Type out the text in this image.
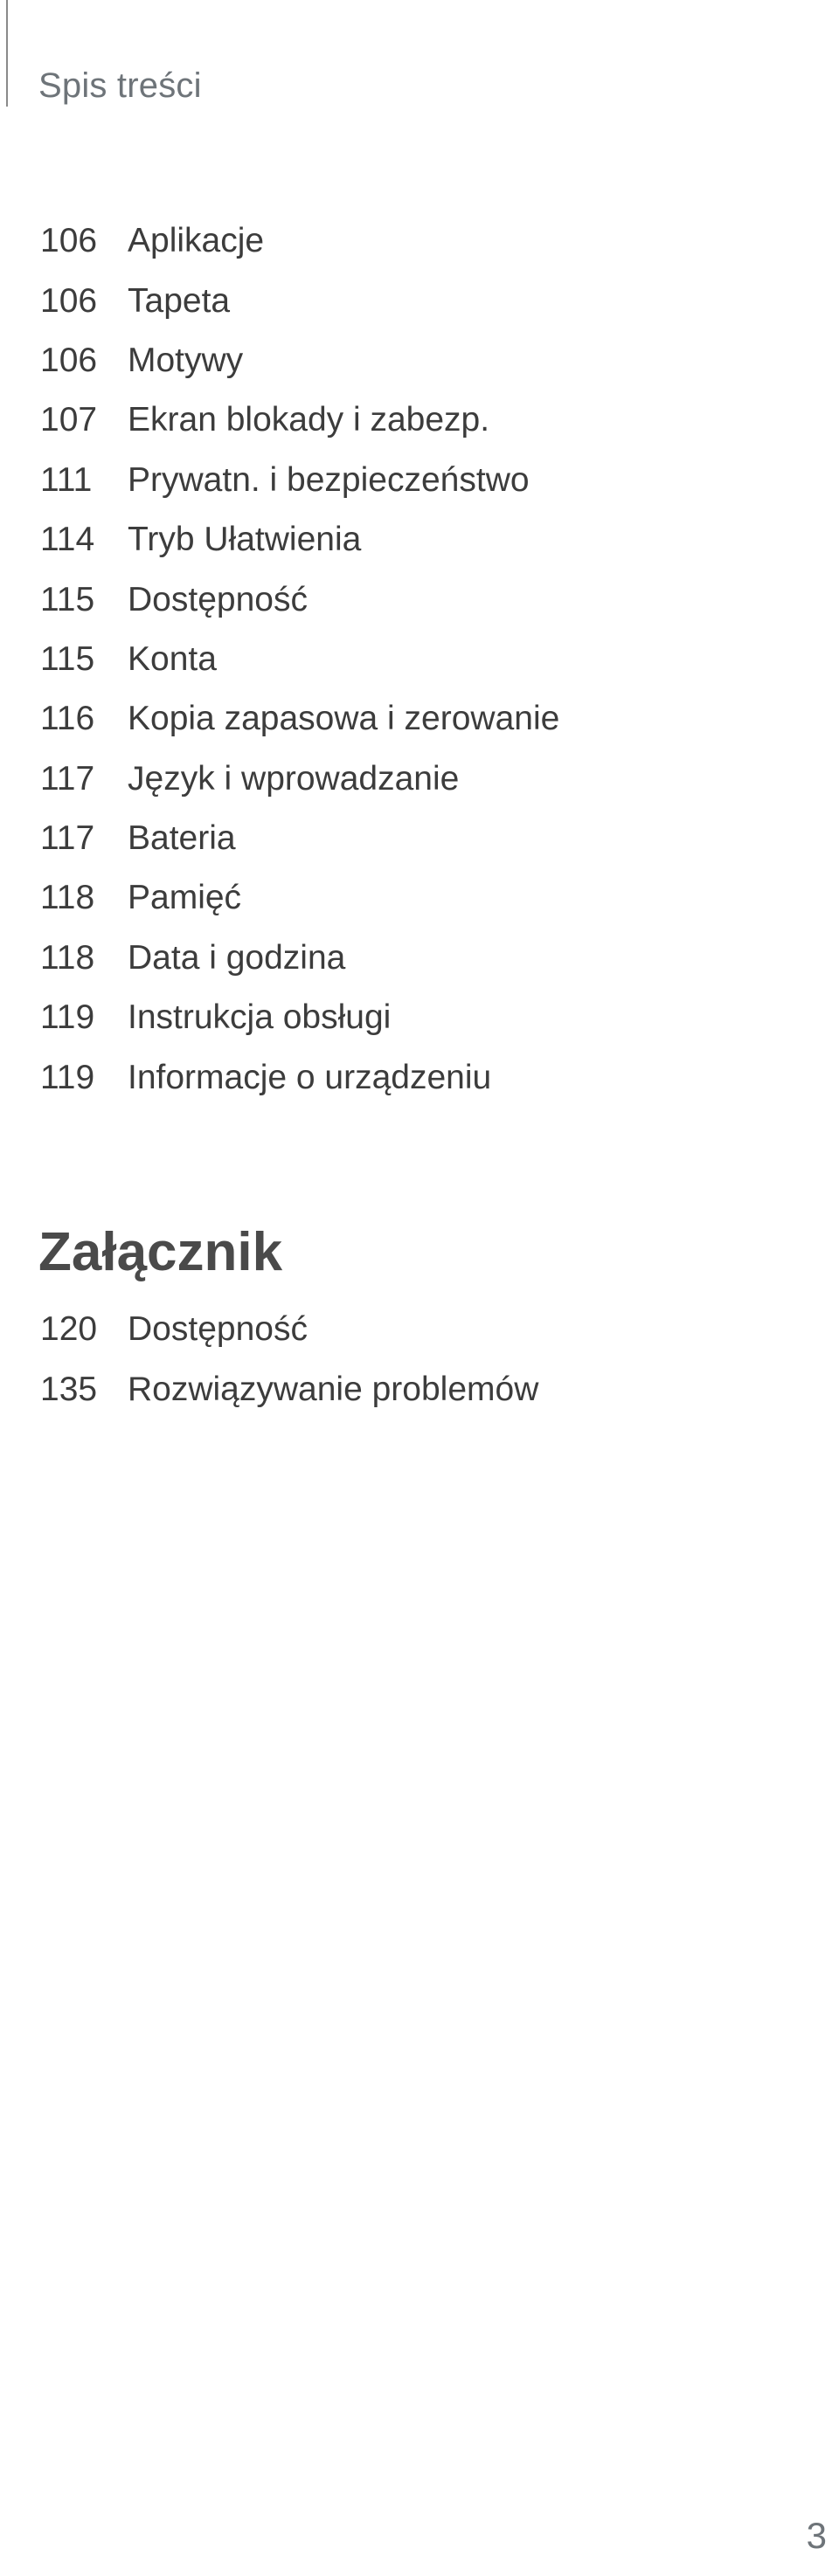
Spis treści
106 Aplikacje
106 Tapeta
106 Motywy
107 Ekran blokady i zabezp.
111	Prywatn. i bezpieczeństwo
114 Tryb Ułatwienia
115 Dostępność
115 Konta
116 Kopia zapasowa i zerowanie
117 Język i wprowadzanie
117 Bateria
118 Pamięć
118 Data i godzina
119 Instrukcja obsługi
119 Informacje o urządzeniu
Załącznik
120 Dostępność
135 Rozwiązywanie problemów
3
